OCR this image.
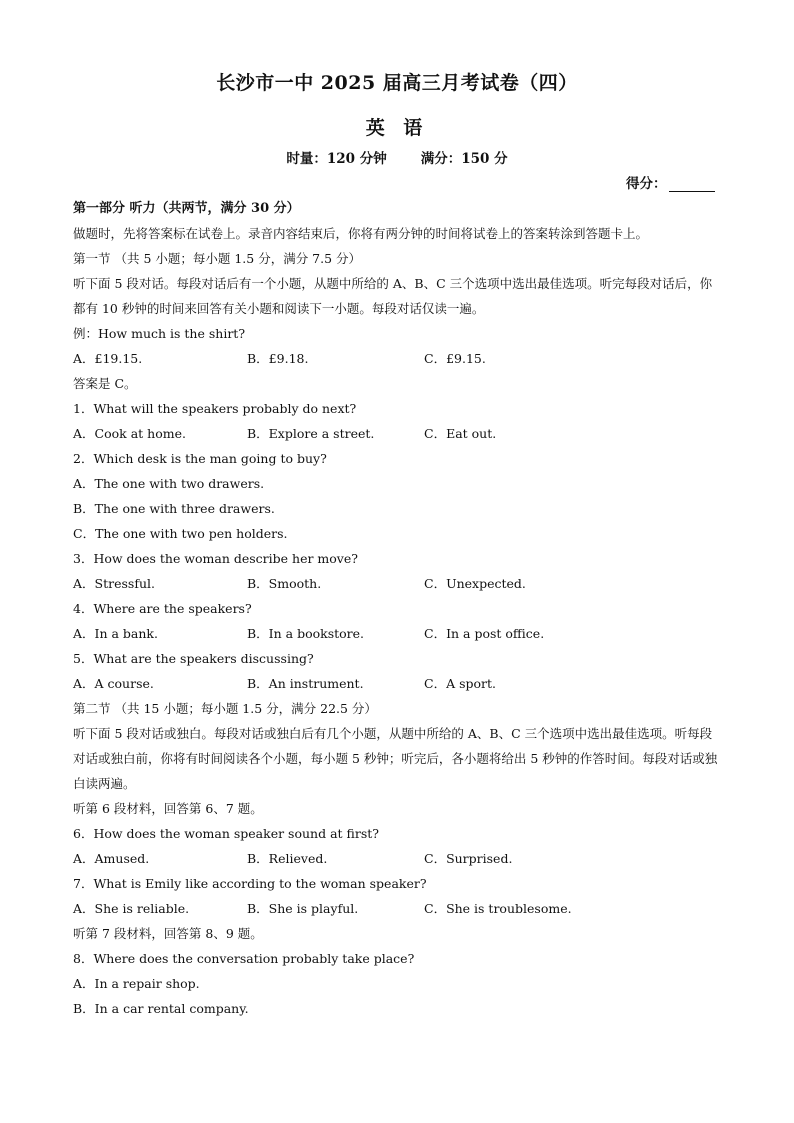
长沙市一中 2025 届高三月考试卷（四）
英 语
时量：120 分钟	满分：150 分
得分：
第一部分 听力（共两节，满分 30 分）
做题时，先将答案标在试卷上。录音内容结束后，你将有两分钟的时间将试卷上的答案转涂到答题卡上。
第一节 （共 5 小题；每小题 1.5 分，满分 7.5 分）
听下面 5 段对话。每段对话后有一个小题，从题中所给的 A、B、C 三个选项中选出最佳选项。听完每段对话后，你都有 10 秒钟的时间来回答有关小题和阅读下一小题。每段对话仅读一遍。
例：How much is the shirt?
A．£19.15.	B．£9.18.	C．£9.15.
答案是 C。
1．What will the speakers probably do next?
A．Cook at home.	B．Explore a street.	C．Eat out.
2．Which desk is the man going to buy?
A．The one with two drawers.
B．The one with three drawers.
C．The one with two pen holders.
3．How does the woman describe her move?
A．Stressful.	B．Smooth.	C．Unexpected.
4．Where are the speakers?
A．In a bank.	B．In a bookstore.	C．In a post office.
5．What are the speakers discussing?
A．A course.	B．An instrument.	C．A sport.
第二节 （共 15 小题；每小题 1.5 分，满分 22.5 分）
听下面 5 段对话或独白。每段对话或独白后有几个小题，从题中所给的 A、B、C 三个选项中选出最佳选项。听每段对话或独白前，你将有时间阅读各个小题，每小题 5 秒钟；听完后，各小题将给出 5 秒钟的作答时间。每段对话或独白读两遍。
听第 6 段材料，回答第 6、7 题。
6．How does the woman speaker sound at first?
A．Amused.	B．Relieved.	C．Surprised.
7．What is Emily like according to the woman speaker?
A．She is reliable.	B．She is playful.	C．She is troublesome.
听第 7 段材料，回答第 8、9 题。
8．Where does the conversation probably take place?
A．In a repair shop.
B．In a car rental company.
